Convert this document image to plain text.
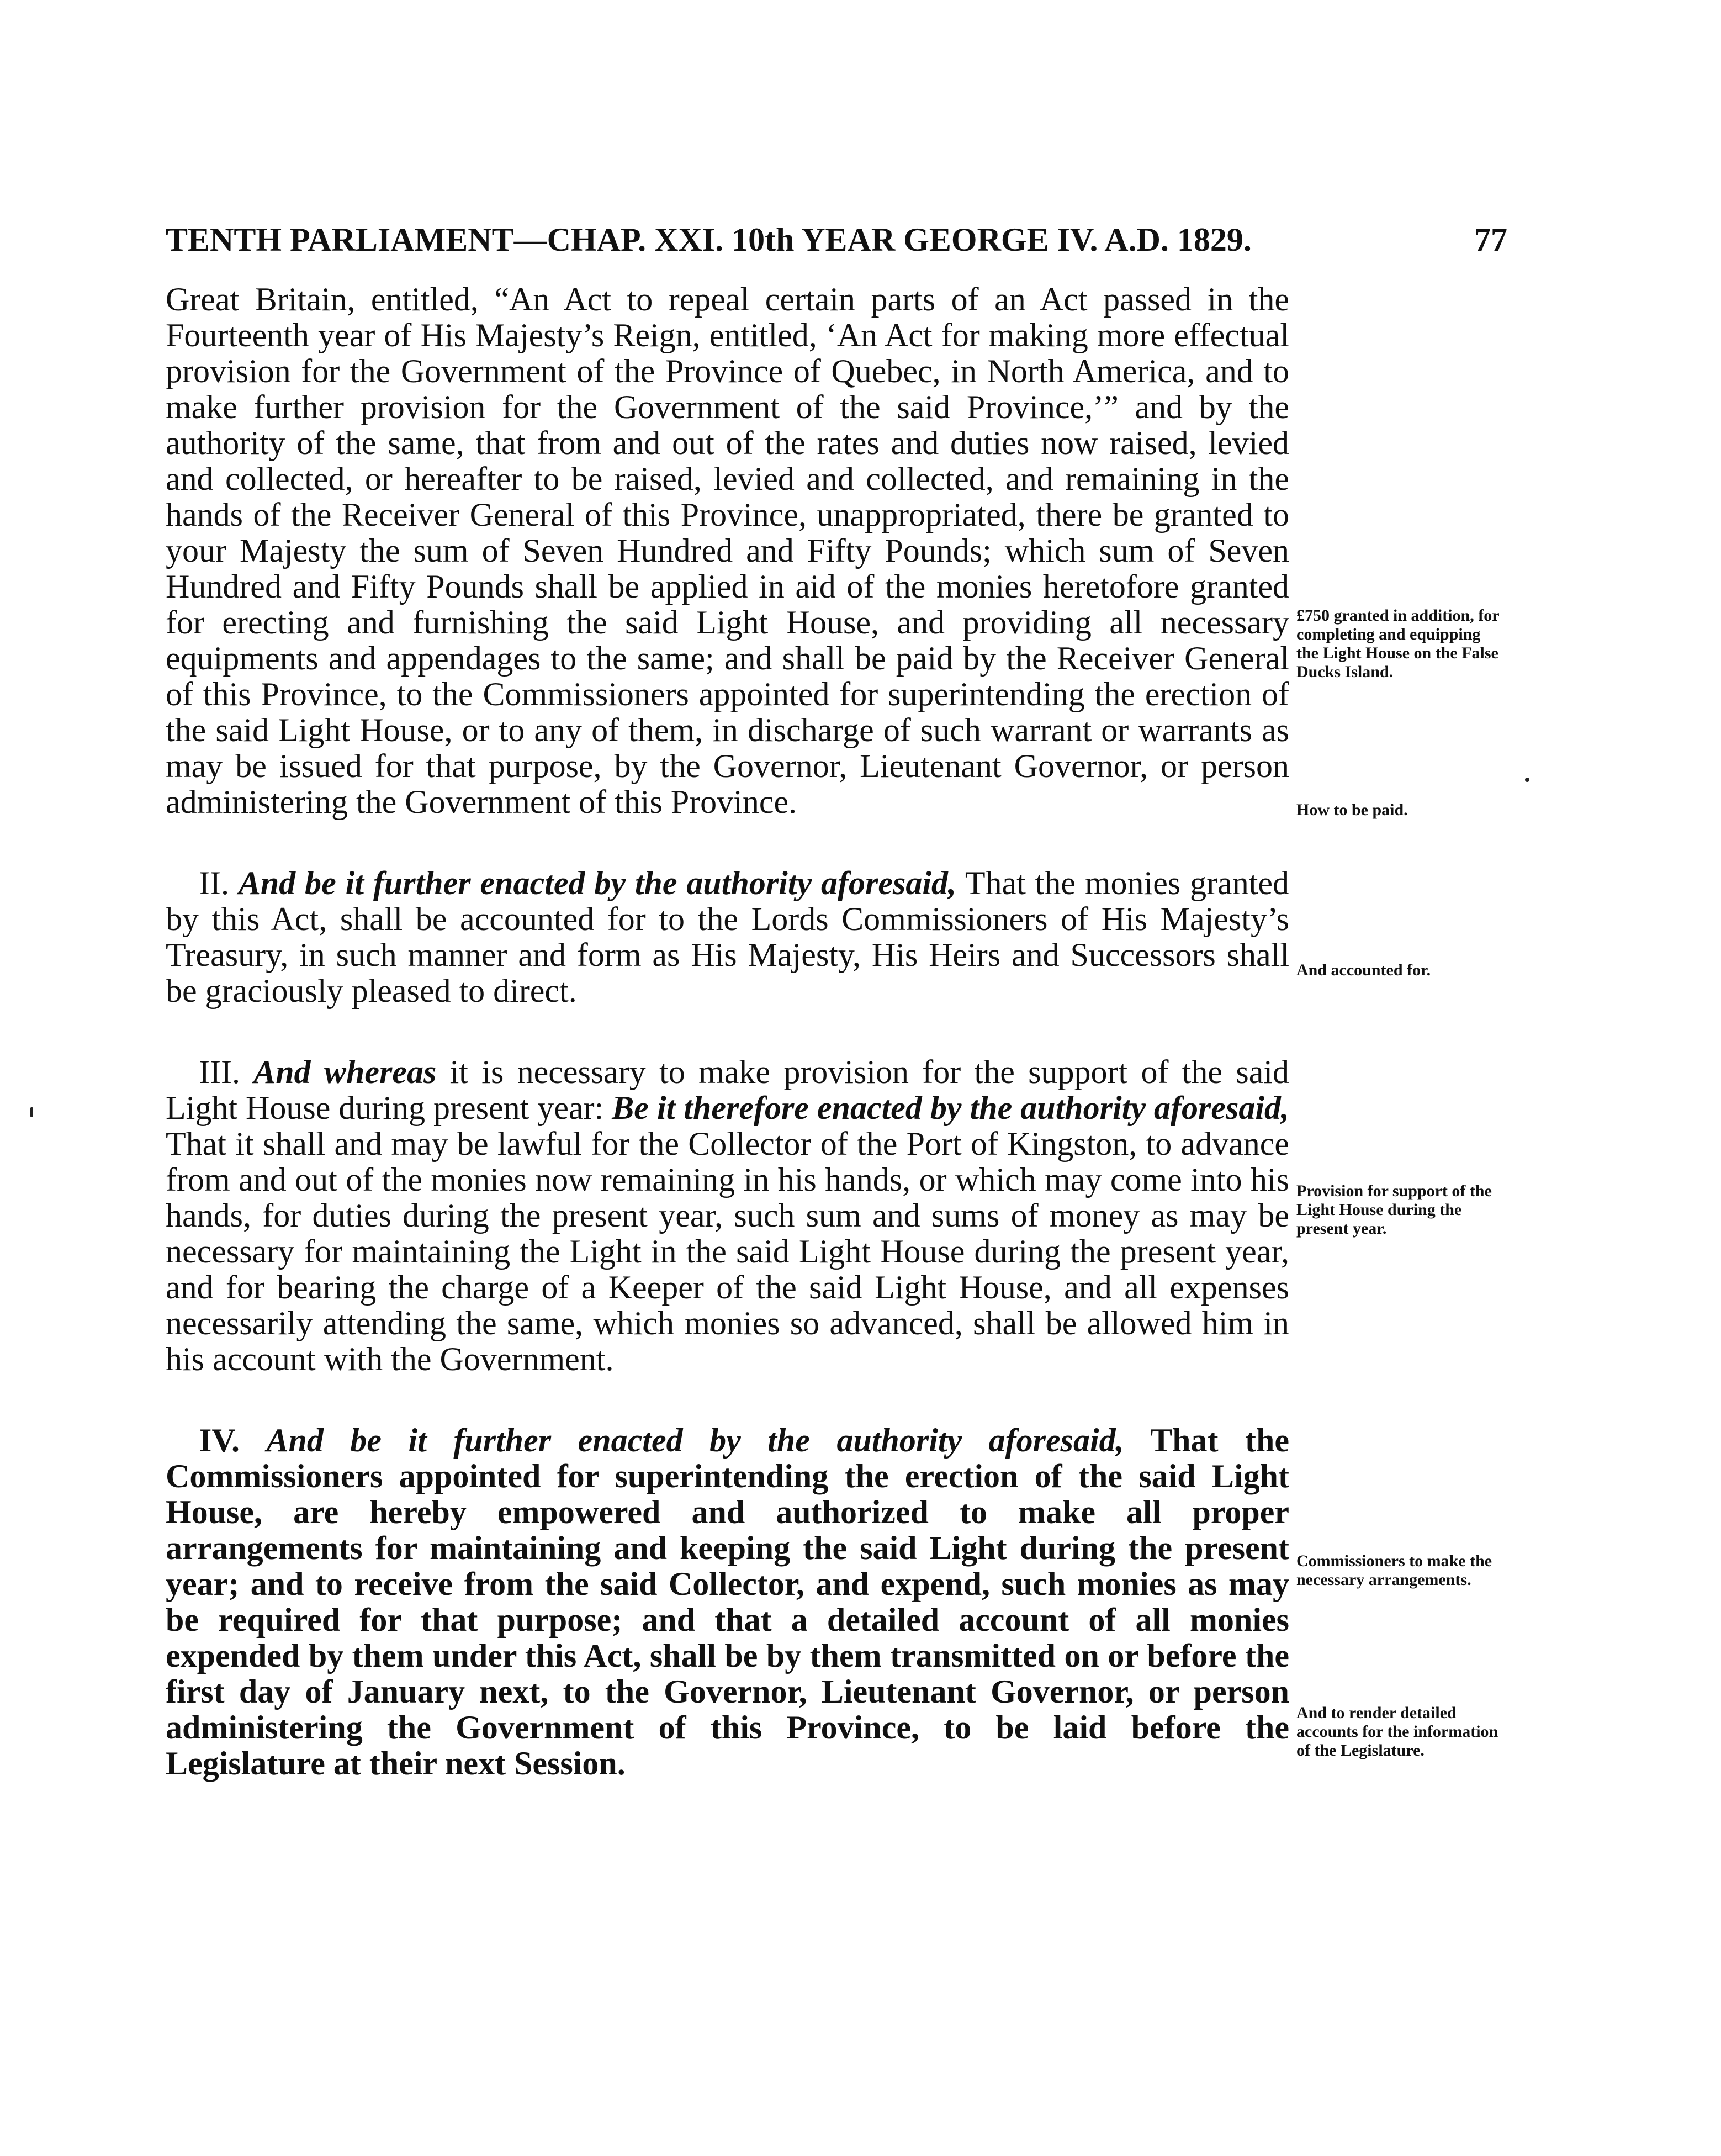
TENTH PARLIAMENT—CHAP. XXI. 10th YEAR GEORGE IV. A.D. 1829.	77

Great Britain, entitled, “An Act to repeal certain parts of an Act passed in the Fourteenth year of His Majesty’s Reign, entitled, ‘An Act for making more effectual provision for the Government of the Province of Quebec, in North America, and to make further provision for the Government of the said Province,’” and by the authority of the same, that from and out of the rates and duties now raised, levied and collected, or hereafter to be raised, levied and collected, and remaining in the hands of the Receiver General of this Province, unappropriated, there be granted to your Majesty the sum of Seven Hundred and Fifty Pounds; which sum of Seven Hundred and Fifty Pounds shall be applied in aid of the monies heretofore granted for erecting and furnishing the said Light House, and providing all necessary equipments and appendages to the same; and shall be paid by the Receiver General of this Province, to the Commissioners appointed for superintending the erection of the said Light House, or to any of them, in discharge of such warrant or warrants as may be issued for that purpose, by the Governor, Lieutenant Governor, or person administering the Government of this Province.

II. And be it further enacted by the authority aforesaid, That the monies granted by this Act, shall be accounted for to the Lords Commissioners of His Majesty’s Treasury, in such manner and form as His Majesty, His Heirs and Successors shall be graciously pleased to direct.

III. And whereas it is necessary to make provision for the support of the said Light House during present year: Be it therefore enacted by the authority aforesaid, That it shall and may be lawful for the Collector of the Port of Kingston, to advance from and out of the monies now remaining in his hands, or which may come into his hands, for duties during the present year, such sum and sums of money as may be necessary for maintaining the Light in the said Light House during the present year, and for bearing the charge of a Keeper of the said Light House, and all expenses necessarily attending the same, which monies so advanced, shall be allowed him in his account with the Government.

IV. And be it further enacted by the authority aforesaid, That the Commissioners appointed for superintending the erection of the said Light House, are hereby empowered and authorized to make all proper arrangements for maintaining and keeping the said Light during the present year; and to receive from the said Collector, and expend, such monies as may be required for that purpose; and that a detailed account of all monies expended by them under this Act, shall be by them transmitted on or before the first day of January next, to the Governor, Lieutenant Governor, or person administering the Government of this Province, to be laid before the Legislature at their next Session.

£750 granted in addition, for completing and equipping the Light House on the False Ducks Island.
How to be paid.
And accounted for.
Provision for support of the Light House during the present year.
Commissioners to make the necessary arrangements.
And to render detailed accounts for the information of the Legislature.
